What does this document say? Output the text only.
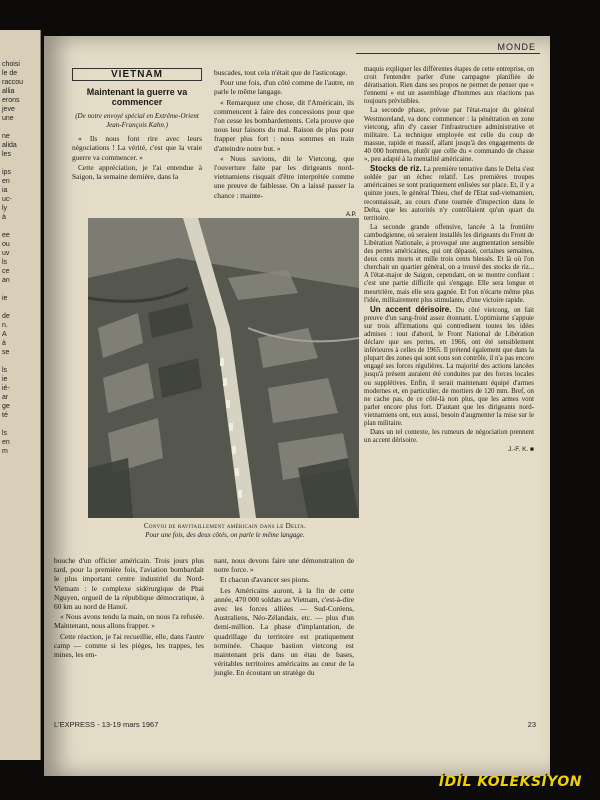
choisi
le de
raccou
allia
erons
jeve
une

ne
alida
les

ips
en
ia
uc-
ly
à

ee
ou
uv
ls
ce
an

ie

de
n.
A
à
se

ls
ie
ié-
ar
ge
té

ls
en
m
MONDE
VIETNAM
Maintenant la guerre va commencer
(De notre envoyé spécial en Extrême-Orient Jean-François Kahn.)

« Ils nous font rire avec leurs négociations ! La vérité, c'est que la vraie guerre va commencer. »

Cette appréciation, je l'ai entendue à Saigon, la semaine dernière, dans la

buscades, tout cela n'était que de l'asticotage.

Pour une fois, d'un côté comme de l'autre, on parle le même langage.

« Remarquez une chose, dit l'Américain, ils commencent à faire des concessions pour que l'on cesse les bombardements. Cela prouve que nous leur faisons du mal. Raison de plus pour frapper plus fort : nous sommes en train d'atteindre notre but. »

« Nous savions, dit le Vietcong, que l'ouverture faite par les dirigeants nord-vietnamiens risquait d'être interprétée comme une preuve de faiblesse. On a laissé passer la chance : mainte-

A.P.
Convoi de ravitaillement américain dans le Delta.
Pour une fois, des deux côtés, on parle le même langage.

bouche d'un officier américain. Trois jours plus tard, pour la première fois, l'aviation bombardait le plus important centre industriel du Nord-Vietnam : le complexe sidérurgique de Phai Nguyen, orgueil de la république démocratique, à 60 km au nord de Hanoï.

« Nous avons tendu la main, on nous l'a refusée. Maintenant, nous allons frapper. »

Cette réaction, je l'ai recueillie, elle, dans l'autre camp — comme si les pièges, les trappes, les mines, les em-

nant, nous devons faire une démonstration de notre force. »

Et chacun d'avancer ses pions.

Les Américains auront, à la fin de cette année, 470 000 soldats au Vietnam, c'est-à-dire avec les forces alliées — Sud-Coréens, Australiens, Néo-Zélandais, etc. — plus d'un demi-million. La phase d'implantation, de quadrillage du territoire est pratiquement terminée. Chaque bastion vietcong est maintenant pris dans un étau de bases, véritables territoires américains au cœur de la jungle. En écoutant un stratège du

maquis expliquer les différentes étapes de cette entreprise, on croit l'entendre parler d'une campagne planifiée de dératisation. Rien dans ses propos ne permet de penser que « l'ennemi » est un assemblage d'hommes aux réactions pas toujours prévisibles.

La seconde phase, prévue par l'état-major du général Westmoreland, va donc commencer : la pénétration en zone vietcong, afin d'y casser l'infrastructure administrative et militaire. La technique employée est celle du coup de massue, rapide et massif, allant jusqu'à des engagements de 40 000 hommes, plutôt que celle du « commando de chasse », peu adapté à la mentalité américaine.

Stocks de riz. La première tentative dans le Delta s'est soldée par un échec relatif. Les premières troupes américaines se sont pratiquement enlisées sur place. Et, il y a quinze jours, le général Thieu, chef de l'Etat sud-vietnamien, reconnaissait, au cours d'une tournée d'inspection dans le Delta, que les autorités n'y contrôlaient qu'un quart du territoire.

La seconde grande offensive, lancée à la frontière cambodgienne, où seraient installés les dirigeants du Front de Libération Nationale, a provoqué une augmentation sensible des pertes américaines, qui ont dépassé, certaines semaines, deux cents morts et mille trois cents blessés. Et là où l'on cherchait un quartier général, on a trouvé des stocks de riz... A l'état-major de Saigon, cependant, on se montre confiant : c'est une partie difficile qui s'engage. Elle sera longue et meurtrière, mais elle sera gagnée. Et l'on n'écarte même plus l'idée, militairement plus stimulante, d'une victoire rapide.

Un accent dérisoire. Du côté vietcong, on fait preuve d'un sang-froid assez étonnant. L'optimisme s'appuie sur trois affirmations qui contredisent toutes les idées admises : tout d'abord, le Front National de Libération déclare que ses pertes, en 1966, ont été sensiblement inférieures à celles de 1965. Il prétend également que dans la plupart des zones qui sont sous son contrôle, il n'a pas encore engagé ses forces régulières. La majorité des actions lancées jusqu'à présent auraient été conduites par des forces locales ou supplétives. Enfin, il serait maintenant équipé d'armes modernes et, en particulier, de mortiers de 120 mm. Bref, on ne cache pas, de ce côté-là non plus, que les armes vont parler encore plus fort. D'autant que les dirigeants nord-vietnamiens ont, eux aussi, besoin d'augmenter la mise sur le plan militaire.

Dans un tel contexte, les rumeurs de négociation prennent un accent dérisoire.

J.-F. K. ■
L'EXPRESS - 13-19 mars 1967	23
İDİL KOLEKSİYON
